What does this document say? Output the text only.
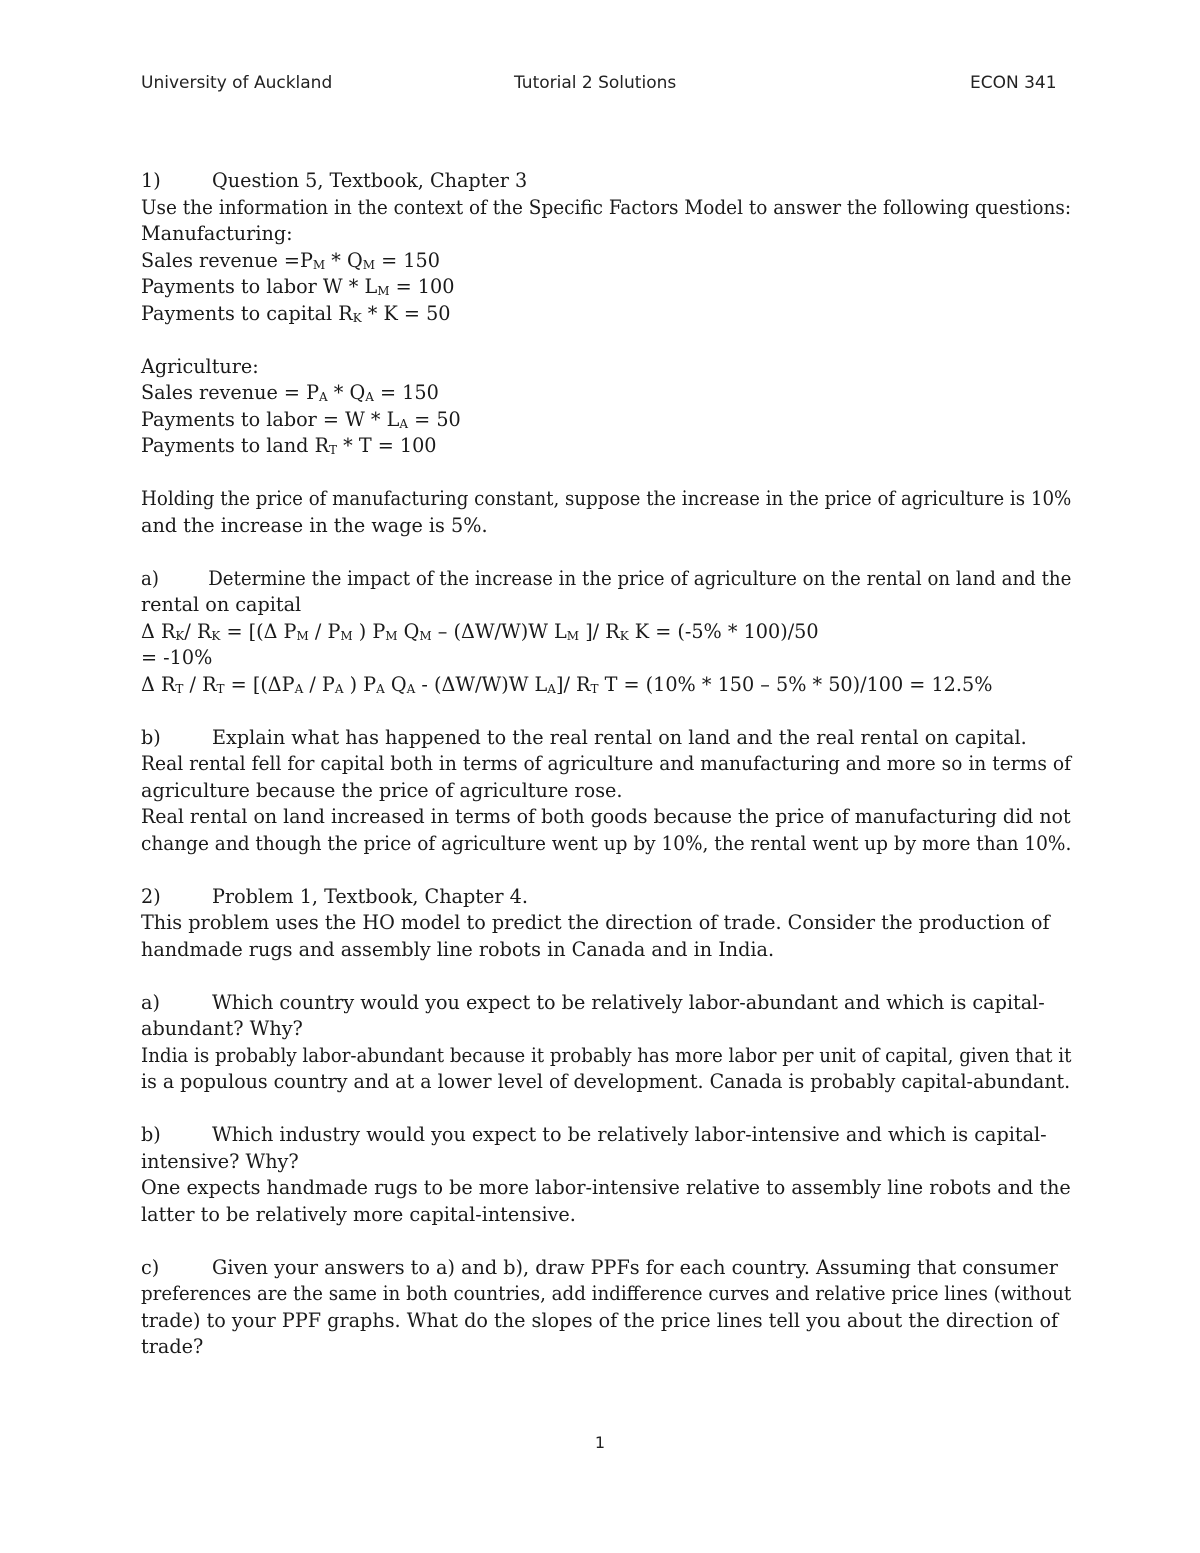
University of Auckland	Tutorial 2 Solutions	ECON 341
1)	Question 5, Textbook, Chapter 3
Use the information in the context of the Specific Factors Model to answer the following questions:
Manufacturing:
Sales revenue $=P_M * Q_M = 150$
Payments to labor $W * L_M = 100$
Payments to capital $R_K * K = 50$
Agriculture:
Sales revenue = $P_A * Q_A = 150$
Payments to labor = $W * L_A = 50$
Payments to land $R_T * T = 100$
Holding the price of manufacturing constant, suppose the increase in the price of agriculture is 10%
and the increase in the wage is 5%.
a)	Determine the impact of the increase in the price of agriculture on the rental on land and the
rental on capital
Δ $R_K/$ $R_K = [(\Delta$ $P_M / P_M$ ) $P_M$ $Q_M - (\Delta W/W)W$ $L_M$ ]/ $R_K$ K = (-5% * 100)/50
= -10%
Δ $R_T / R_T = [(\Delta P_A / P_A$ ) $P_A$ $Q_A - (\Delta W/W)W$ $L_A]/$ $R_T$ T = (10% * 150 – 5% * 50)/100 = 12.5%
b)	Explain what has happened to the real rental on land and the real rental on capital.
Real rental fell for capital both in terms of agriculture and manufacturing and more so in terms of
agriculture because the price of agriculture rose.
Real rental on land increased in terms of both goods because the price of manufacturing did not
change and though the price of agriculture went up by 10%, the rental went up by more than 10%.
2)	Problem 1, Textbook, Chapter 4.
This problem uses the HO model to predict the direction of trade. Consider the production of
handmade rugs and assembly line robots in Canada and in India.
a)	Which country would you expect to be relatively labor-abundant and which is capital-
abundant? Why?
India is probably labor-abundant because it probably has more labor per unit of capital, given that it
is a populous country and at a lower level of development. Canada is probably capital-abundant.
b)	Which industry would you expect to be relatively labor-intensive and which is capital-
intensive? Why?
One expects handmade rugs to be more labor-intensive relative to assembly line robots and the
latter to be relatively more capital-intensive.
c)	Given your answers to a) and b), draw PPFs for each country. Assuming that consumer
preferences are the same in both countries, add indifference curves and relative price lines (without
trade) to your PPF graphs. What do the slopes of the price lines tell you about the direction of
trade?
1
